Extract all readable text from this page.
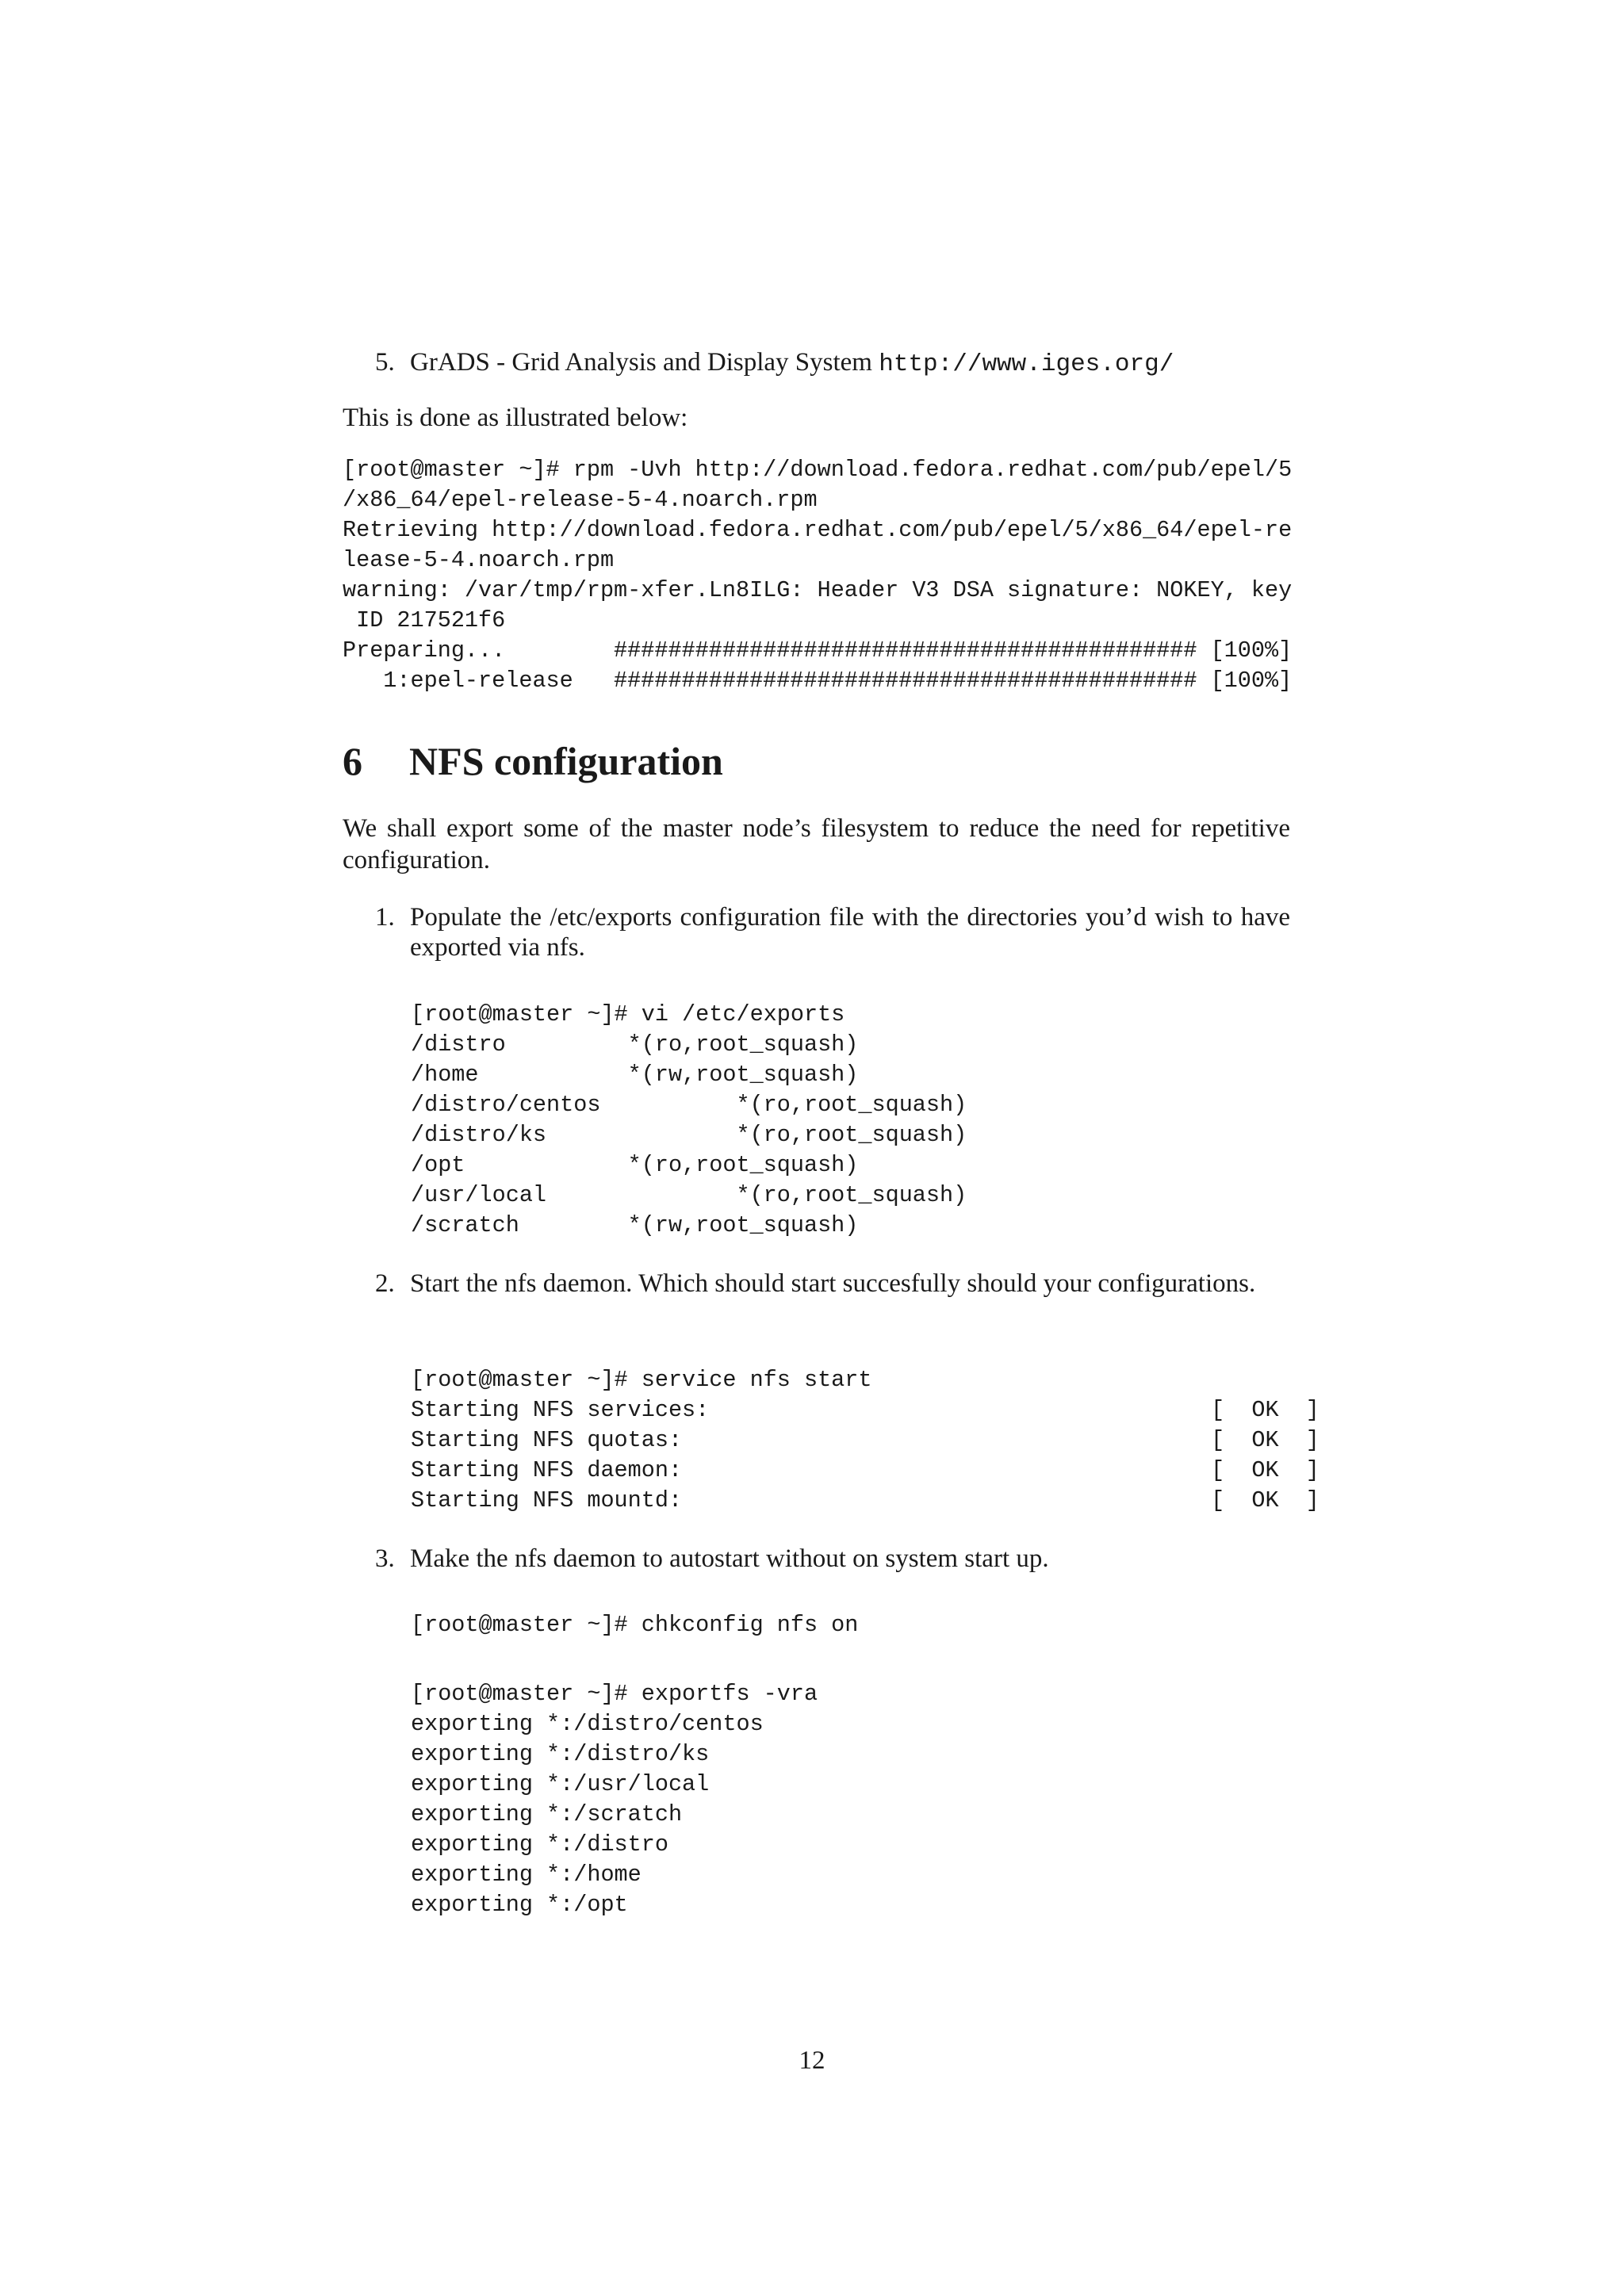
5. GrADS - Grid Analysis and Display System http://www.iges.org/
This is done as illustrated below:
[root@master ~]# rpm -Uvh http://download.fedora.redhat.com/pub/epel/5
/x86_64/epel-release-5-4.noarch.rpm
Retrieving http://download.fedora.redhat.com/pub/epel/5/x86_64/epel-re
lease-5-4.noarch.rpm
warning: /var/tmp/rpm-xfer.Ln8ILG: Header V3 DSA signature: NOKEY, key
ID 217521f6
Preparing...        ########################################### [100%]
1:epel-release   ########################################### [100%]
6 NFS configuration
We shall export some of the master node’s filesystem to reduce the need for repetitive configuration.
1. Populate the /etc/exports configuration file with the directories you’d wish to have exported via nfs.
[root@master ~]# vi /etc/exports
/distro         *(ro,root_squash)
/home           *(rw,root_squash)
/distro/centos          *(ro,root_squash)
/distro/ks              *(ro,root_squash)
/opt            *(ro,root_squash)
/usr/local              *(ro,root_squash)
/scratch        *(rw,root_squash)
2. Start the nfs daemon. Which should start succesfully should your configurations.
[root@master ~]# service nfs start
Starting NFS services:                                     [  OK  ]
Starting NFS quotas:                                       [  OK  ]
Starting NFS daemon:                                       [  OK  ]
Starting NFS mountd:                                       [  OK  ]
3. Make the nfs daemon to autostart without on system start up.
[root@master ~]# chkconfig nfs on
[root@master ~]# exportfs -vra
exporting *:/distro/centos
exporting *:/distro/ks
exporting *:/usr/local
exporting *:/scratch
exporting *:/distro
exporting *:/home
exporting *:/opt
12
